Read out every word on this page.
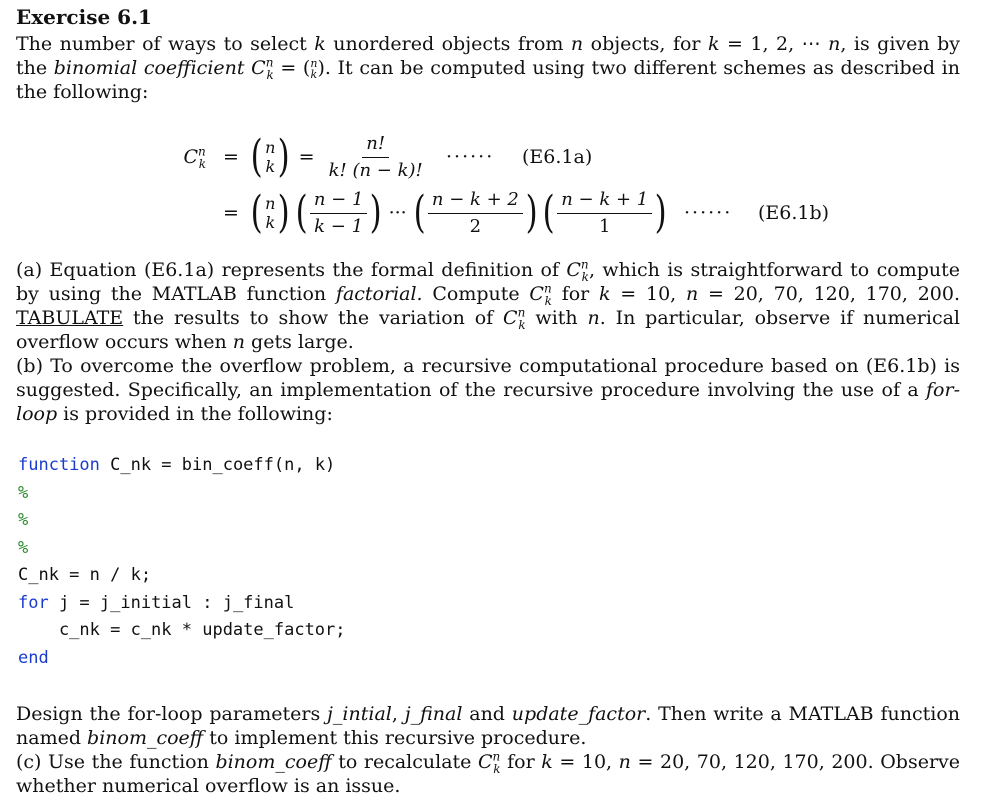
Exercise 6.1

The number of ways to select k unordered objects from n objects, for k = 1, 2, ⋯ n, is given by the binomial coefficient $C^n_k$ = ( n
k ). It can be computed using two different schemes as described in the following:

$C^n_k$ = ( n
k ) = $\frac{n!}{k! (n - k)!}$ ······ (E6.1a)
= ( n
k ) ( $\frac{n - 1}{k - 1}$ ) ··· ( $\frac{n - k + 2}{2}$ ) ( $\frac{n - k + 1}{1}$ ) ······ (E6.1b)

(a) Equation (E6.1a) represents the formal definition of $C^n_k$, which is straightforward to compute by using the MATLAB function factorial. Compute $C^n_k$ for k = 10, n = 20, 70, 120, 170, 200. TABULATE the results to show the variation of $C^n_k$ with n. In particular, observe if numerical overflow occurs when n gets large.

(b) To overcome the overflow problem, a recursive computational procedure based on (E6.1b) is suggested. Specifically, an implementation of the recursive procedure involving the use of a for-loop is provided in the following:

function C_nk = bin_coeff(n, k)
%
%
%
C_nk = n / k;
for j = j_initial : j_final
c_nk = c_nk * update_factor;
end

Design the for-loop parameters j_intial, j_final and update_factor. Then write a MATLAB function named binom_coeff to implement this recursive procedure.

(c) Use the function binom_coeff to recalculate $C^n_k$ for k = 10, n = 20, 70, 120, 170, 200. Observe whether numerical overflow is an issue.
